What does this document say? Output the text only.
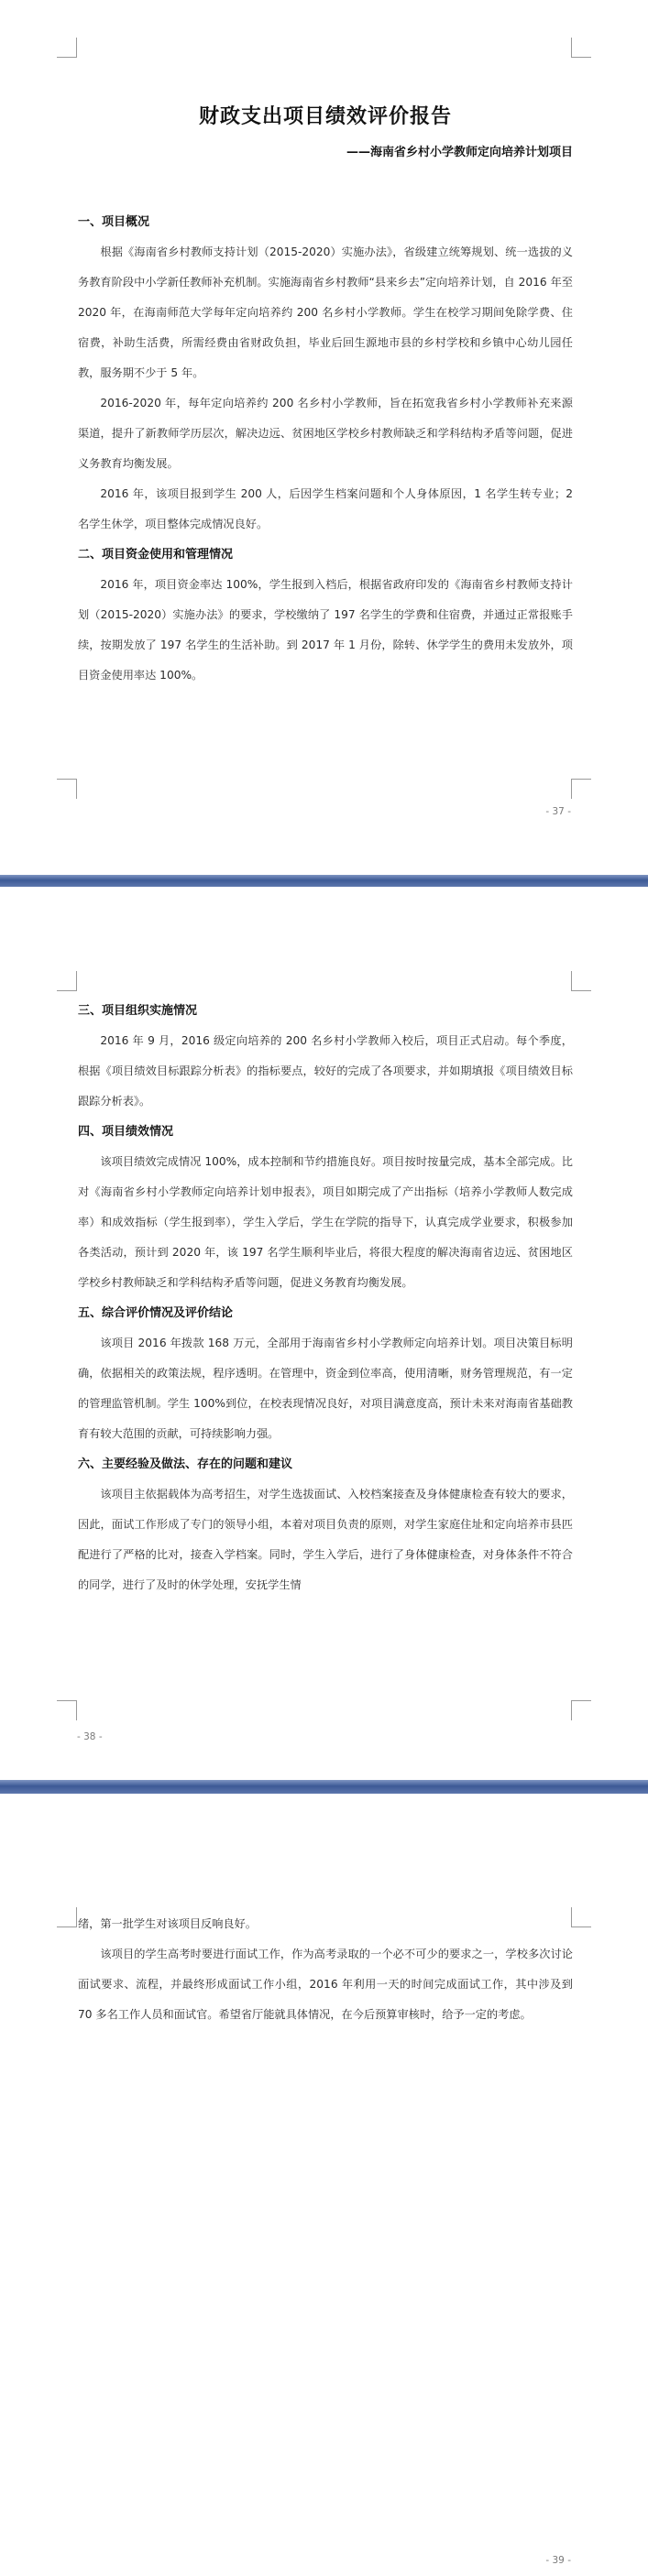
财政支出项目绩效评价报告
——海南省乡村小学教师定向培养计划项目
一、项目概况

根据《海南省乡村教师支持计划（2015-2020）实施办法》，省级建立统筹规划、统一选拔的义务教育阶段中小学新任教师补充机制。实施海南省乡村教师“县来乡去”定向培养计划，自 2016 年至 2020 年，在海南师范大学每年定向培养约 200 名乡村小学教师。学生在校学习期间免除学费、住宿费，补助生活费，所需经费由省财政负担，毕业后回生源地市县的乡村学校和乡镇中心幼儿园任教，服务期不少于 5 年。

2016-2020 年，每年定向培养约 200 名乡村小学教师，旨在拓宽我省乡村小学教师补充来源渠道，提升了新教师学历层次，解决边远、贫困地区学校乡村教师缺乏和学科结构矛盾等问题，促进义务教育均衡发展。

2016 年，该项目报到学生 200 人，后因学生档案问题和个人身体原因，1 名学生转专业；2 名学生休学，项目整体完成情况良好。

二、项目资金使用和管理情况

2016 年，项目资金率达 100%，学生报到入档后，根据省政府印发的《海南省乡村教师支持计划（2015-2020）实施办法》的要求，学校缴纳了 197 名学生的学费和住宿费，并通过正常报账手续，按期发放了 197 名学生的生活补助。到 2017 年 1 月份，除转、休学学生的费用未发放外，项目资金使用率达 100%。

- 37 -
三、项目组织实施情况

2016 年 9 月，2016 级定向培养的 200 名乡村小学教师入校后，项目正式启动。每个季度，根据《项目绩效目标跟踪分析表》的指标要点，较好的完成了各项要求，并如期填报《项目绩效目标跟踪分析表》。

四、项目绩效情况

该项目绩效完成情况 100%，成本控制和节约措施良好。项目按时按量完成，基本全部完成。比对《海南省乡村小学教师定向培养计划申报表》，项目如期完成了产出指标（培养小学教师人数完成率）和成效指标（学生报到率），学生入学后，学生在学院的指导下，认真完成学业要求，积极参加各类活动，预计到 2020 年，该 197 名学生顺利毕业后，将很大程度的解决海南省边远、贫困地区学校乡村教师缺乏和学科结构矛盾等问题，促进义务教育均衡发展。

五、综合评价情况及评价结论

该项目 2016 年拨款 168 万元，全部用于海南省乡村小学教师定向培养计划。项目决策目标明确，依据相关的政策法规，程序透明。在管理中，资金到位率高，使用清晰，财务管理规范，有一定的管理监管机制。学生 100%到位，在校表现情况良好，对项目满意度高，预计未来对海南省基础教育有较大范围的贡献，可持续影响力强。

六、主要经验及做法、存在的问题和建议

该项目主依据载体为高考招生，对学生选拔面试、入校档案接查及身体健康检查有较大的要求，因此，面试工作形成了专门的领导小组，本着对项目负责的原则，对学生家庭住址和定向培养市县匹配进行了严格的比对，接查入学档案。同时，学生入学后，进行了身体健康检查，对身体条件不符合的同学，进行了及时的休学处理，安抚学生情

- 38 -

绪，第一批学生对该项目反响良好。

该项目的学生高考时要进行面试工作，作为高考录取的一个必不可少的要求之一，学校多次讨论面试要求、流程，并最终形成面试工作小组，2016 年利用一天的时间完成面试工作，其中涉及到 70 多名工作人员和面试官。希望省厅能就具体情况，在今后预算审核时，给予一定的考虑。

- 39 -
